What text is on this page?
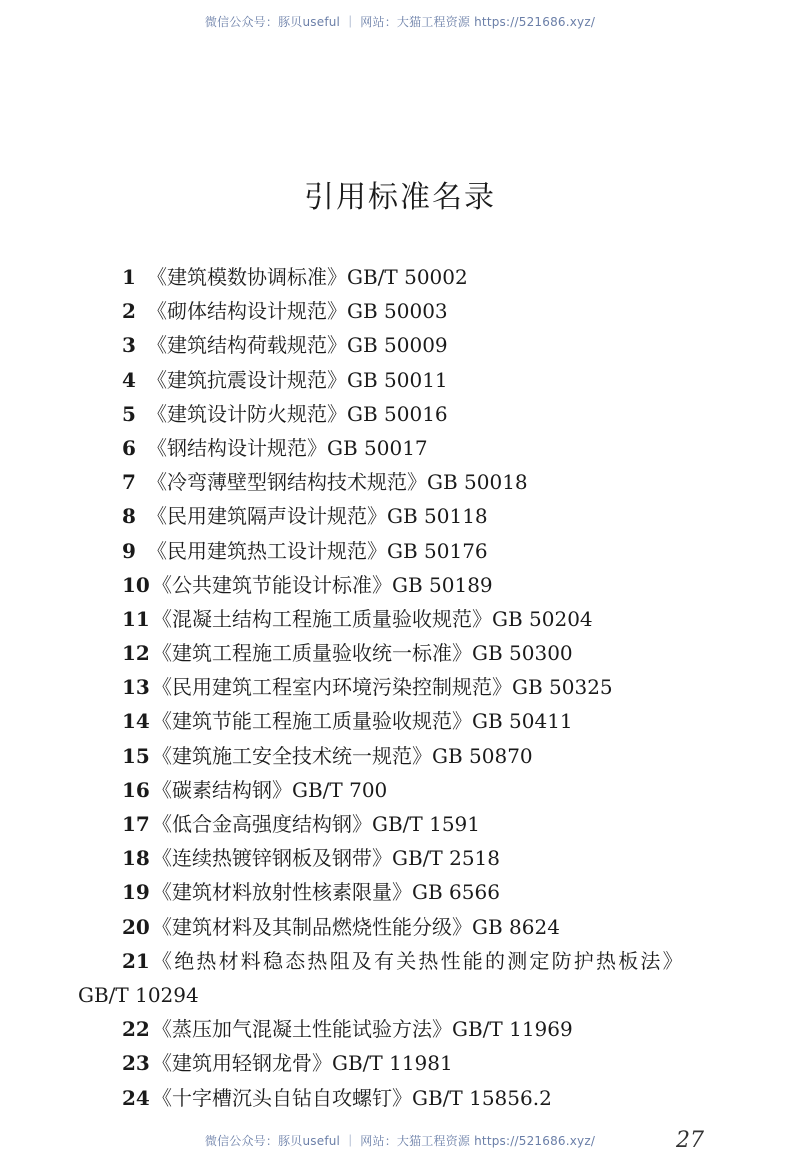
微信公众号：豚贝useful ｜ 网站：大猫工程资源 https://521686.xyz/
引用标准名录
1 《建筑模数协调标准》GB/T 50002
2 《砌体结构设计规范》GB 50003
3 《建筑结构荷载规范》GB 50009
4 《建筑抗震设计规范》GB 50011
5 《建筑设计防火规范》GB 50016
6 《钢结构设计规范》GB 50017
7 《冷弯薄壁型钢结构技术规范》GB 50018
8 《民用建筑隔声设计规范》GB 50118
9 《民用建筑热工设计规范》GB 50176
10 《公共建筑节能设计标准》GB 50189
11 《混凝土结构工程施工质量验收规范》GB 50204
12 《建筑工程施工质量验收统一标准》GB 50300
13 《民用建筑工程室内环境污染控制规范》GB 50325
14 《建筑节能工程施工质量验收规范》GB 50411
15 《建筑施工安全技术统一规范》GB 50870
16 《碳素结构钢》GB/T 700
17 《低合金高强度结构钢》GB/T 1591
18 《连续热镀锌钢板及钢带》GB/T 2518
19 《建筑材料放射性核素限量》GB 6566
20 《建筑材料及其制品燃烧性能分级》GB 8624
21 《绝热材料稳态热阻及有关热性能的测定防护热板法》
GB/T 10294
22 《蒸压加气混凝土性能试验方法》GB/T 11969
23 《建筑用轻钢龙骨》GB/T 11981
24 《十字槽沉头自钻自攻螺钉》GB/T 15856.2
微信公众号：豚贝useful ｜ 网站：大猫工程资源 https://521686.xyz/	27
